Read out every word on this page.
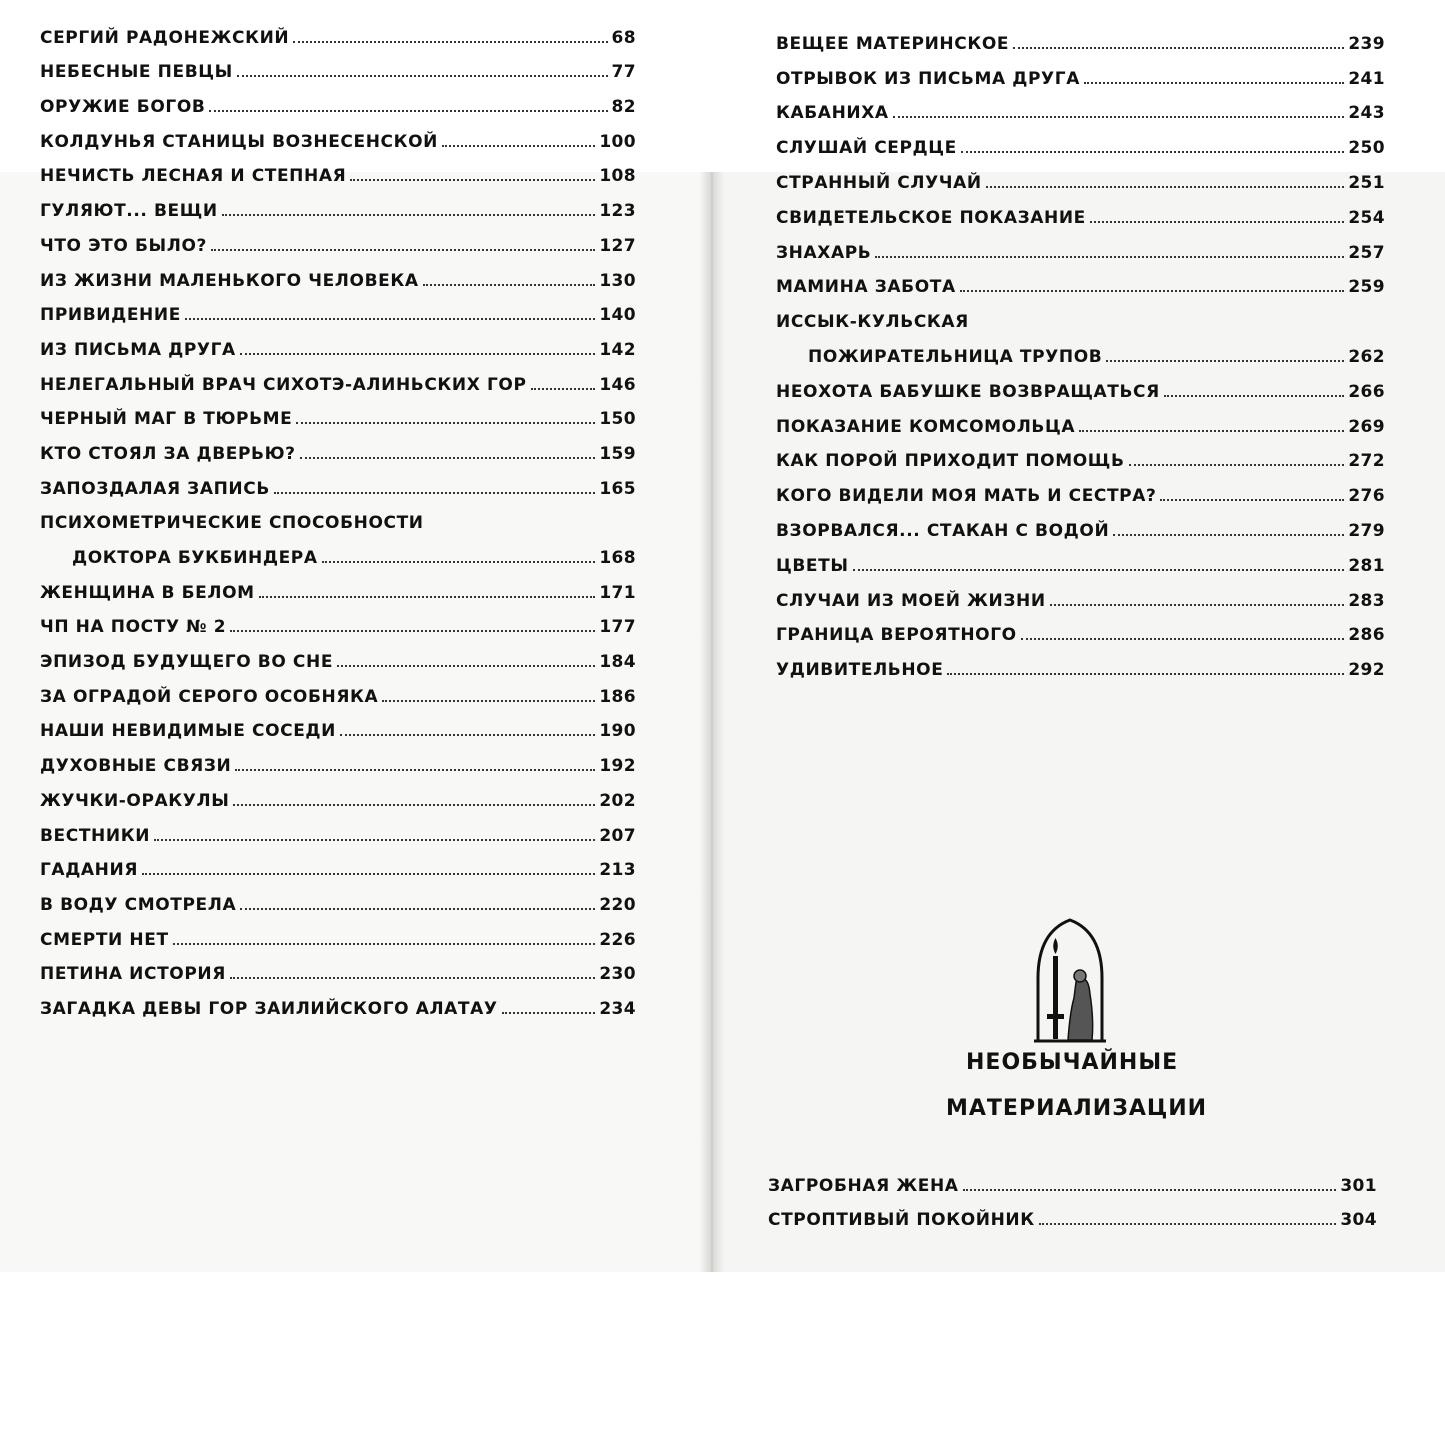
СЕРГИЙ РАДОНЕЖСКИЙ	68
НЕБЕСНЫЕ ПЕВЦЫ	77
ОРУЖИЕ БОГОВ	82
КОЛДУНЬЯ СТАНИЦЫ ВОЗНЕСЕНСКОЙ	100
НЕЧИСТЬ ЛЕСНАЯ И СТЕПНАЯ	108
ГУЛЯЮТ... ВЕЩИ	123
ЧТО ЭТО БЫЛО?	127
ИЗ ЖИЗНИ МАЛЕНЬКОГО ЧЕЛОВЕКА	130
ПРИВИДЕНИЕ	140
ИЗ ПИСЬМА ДРУГА	142
НЕЛЕГАЛЬНЫЙ ВРАЧ СИХОТЭ-АЛИНЬСКИХ ГОР	146
ЧЕРНЫЙ МАГ В ТЮРЬМЕ	150
КТО СТОЯЛ ЗА ДВЕРЬЮ?	159
ЗАПОЗДАЛАЯ ЗАПИСЬ	165
ПСИХОМЕТРИЧЕСКИЕ СПОСОБНОСТИ
ДОКТОРА БУКБИНДЕРА	168
ЖЕНЩИНА В БЕЛОМ	171
ЧП НА ПОСТУ № 2	177
ЭПИЗОД БУДУЩЕГО ВО СНЕ	184
ЗА ОГРАДОЙ СЕРОГО ОСОБНЯКА	186
НАШИ НЕВИДИМЫЕ СОСЕДИ	190
ДУХОВНЫЕ СВЯЗИ	192
ЖУЧКИ-ОРАКУЛЫ	202
ВЕСТНИКИ	207
ГАДАНИЯ	213
В ВОДУ СМОТРЕЛА	220
СМЕРТИ НЕТ	226
ПЕТИНА ИСТОРИЯ	230
ЗАГАДКА ДЕВЫ ГОР ЗАИЛИЙСКОГО АЛАТАУ	234
ВЕЩЕЕ МАТЕРИНСКОЕ	239
ОТРЫВОК ИЗ ПИСЬМА ДРУГА	241
КАБАНИХА	243
СЛУШАЙ СЕРДЦЕ	250
СТРАННЫЙ СЛУЧАЙ	251
СВИДЕТЕЛЬСКОЕ ПОКАЗАНИЕ	254
ЗНАХАРЬ	257
МАМИНА ЗАБОТА	259
ИССЫК-КУЛЬСКАЯ
ПОЖИРАТЕЛЬНИЦА ТРУПОВ	262
НЕОХОТА БАБУШКЕ ВОЗВРАЩАТЬСЯ	266
ПОКАЗАНИЕ КОМСОМОЛЬЦА	269
КАК ПОРОЙ ПРИХОДИТ ПОМОЩЬ	272
КОГО ВИДЕЛИ МОЯ МАТЬ И СЕСТРА?	276
ВЗОРВАЛСЯ... СТАКАН С ВОДОЙ	279
ЦВЕТЫ	281
СЛУЧАИ ИЗ МОЕЙ ЖИЗНИ	283
ГРАНИЦА ВЕРОЯТНОГО	286
УДИВИТЕЛЬНОЕ	292
НЕОБЫЧАЙНЫЕ
МАТЕРИАЛИЗАЦИИ
ЗАГРОБНАЯ ЖЕНА	301
СТРОПТИВЫЙ ПОКОЙНИК	304
